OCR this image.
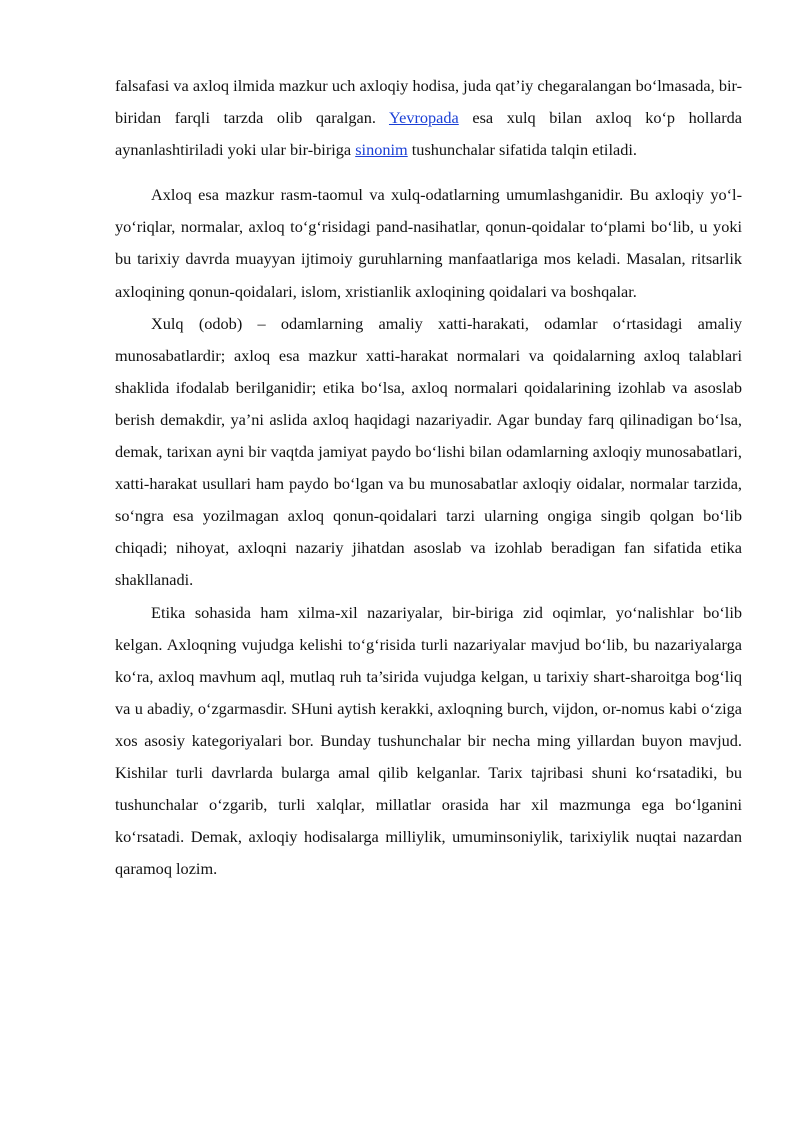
falsafasi va axloq ilmida mazkur uch axloqiy hodisa, juda qat’iy chegaralangan bo‘lmasada, bir-biridan farqli tarzda olib qaralgan. Yevropada esa xulq bilan axloq ko‘p hollarda aynanlashtiriladi yoki ular bir-biriga sinonim tushunchalar sifatida talqin etiladi.

Axloq esa mazkur rasm-taomul va xulq-odatlarning umumlashganidir. Bu axloqiy yo‘l-yo‘riqlar, normalar, axloq to‘g‘risidagi pand-nasihatlar, qonun-qoidalar to‘plami bo‘lib, u yoki bu tarixiy davrda muayyan ijtimoiy guruhlarning manfaatlariga mos keladi. Masalan, ritsarlik axloqining qonun-qoidalari, islom, xristianlik axloqining qoidalari va boshqalar.

Xulq (odob) – odamlarning amaliy xatti-harakati, odamlar o‘rtasidagi amaliy munosabatlardir; axloq esa mazkur xatti-harakat normalari va qoidalarning axloq talablari shaklida ifodalab berilganidir; etika bo‘lsa, axloq normalari qoidalarining izohlab va asoslab berish demakdir, ya’ni aslida axloq haqidagi nazariyadir. Agar bunday farq qilinadigan bo‘lsa, demak, tarixan ayni bir vaqtda jamiyat paydo bo‘lishi bilan odamlarning axloqiy munosabatlari, xatti-harakat usullari ham paydo bo‘lgan va bu munosabatlar axloqiy oidalar, normalar tarzida, so‘ngra esa yozilmagan axloq qonun-qoidalari tarzi ularning ongiga singib qolgan bo‘lib chiqadi; nihoyat, axloqni nazariy jihatdan asoslab va izohlab beradigan fan sifatida etika shakllanadi.

Etika sohasida ham xilma-xil nazariyalar, bir-biriga zid oqimlar, yo‘nalishlar bo‘lib kelgan. Axloqning vujudga kelishi to‘g‘risida turli nazariyalar mavjud bo‘lib, bu nazariyalarga ko‘ra, axloq mavhum aql, mutlaq ruh ta’sirida vujudga kelgan, u tarixiy shart-sharoitga bog‘liq va u abadiy, o‘zgarmasdir. SHuni aytish kerakki, axloqning burch, vijdon, or-nomus kabi o‘ziga xos asosiy kategoriyalari bor. Bunday tushunchalar bir necha ming yillardan buyon mavjud. Kishilar turli davrlarda bularga amal qilib kelganlar. Tarix tajribasi shuni ko‘rsatadiki, bu tushunchalar o‘zgarib, turli xalqlar, millatlar orasida har xil mazmunga ega bo‘lganini ko‘rsatadi. Demak, axloqiy hodisalarga milliylik, umuminsoniylik, tarixiylik nuqtai nazardan qaramoq lozim.
